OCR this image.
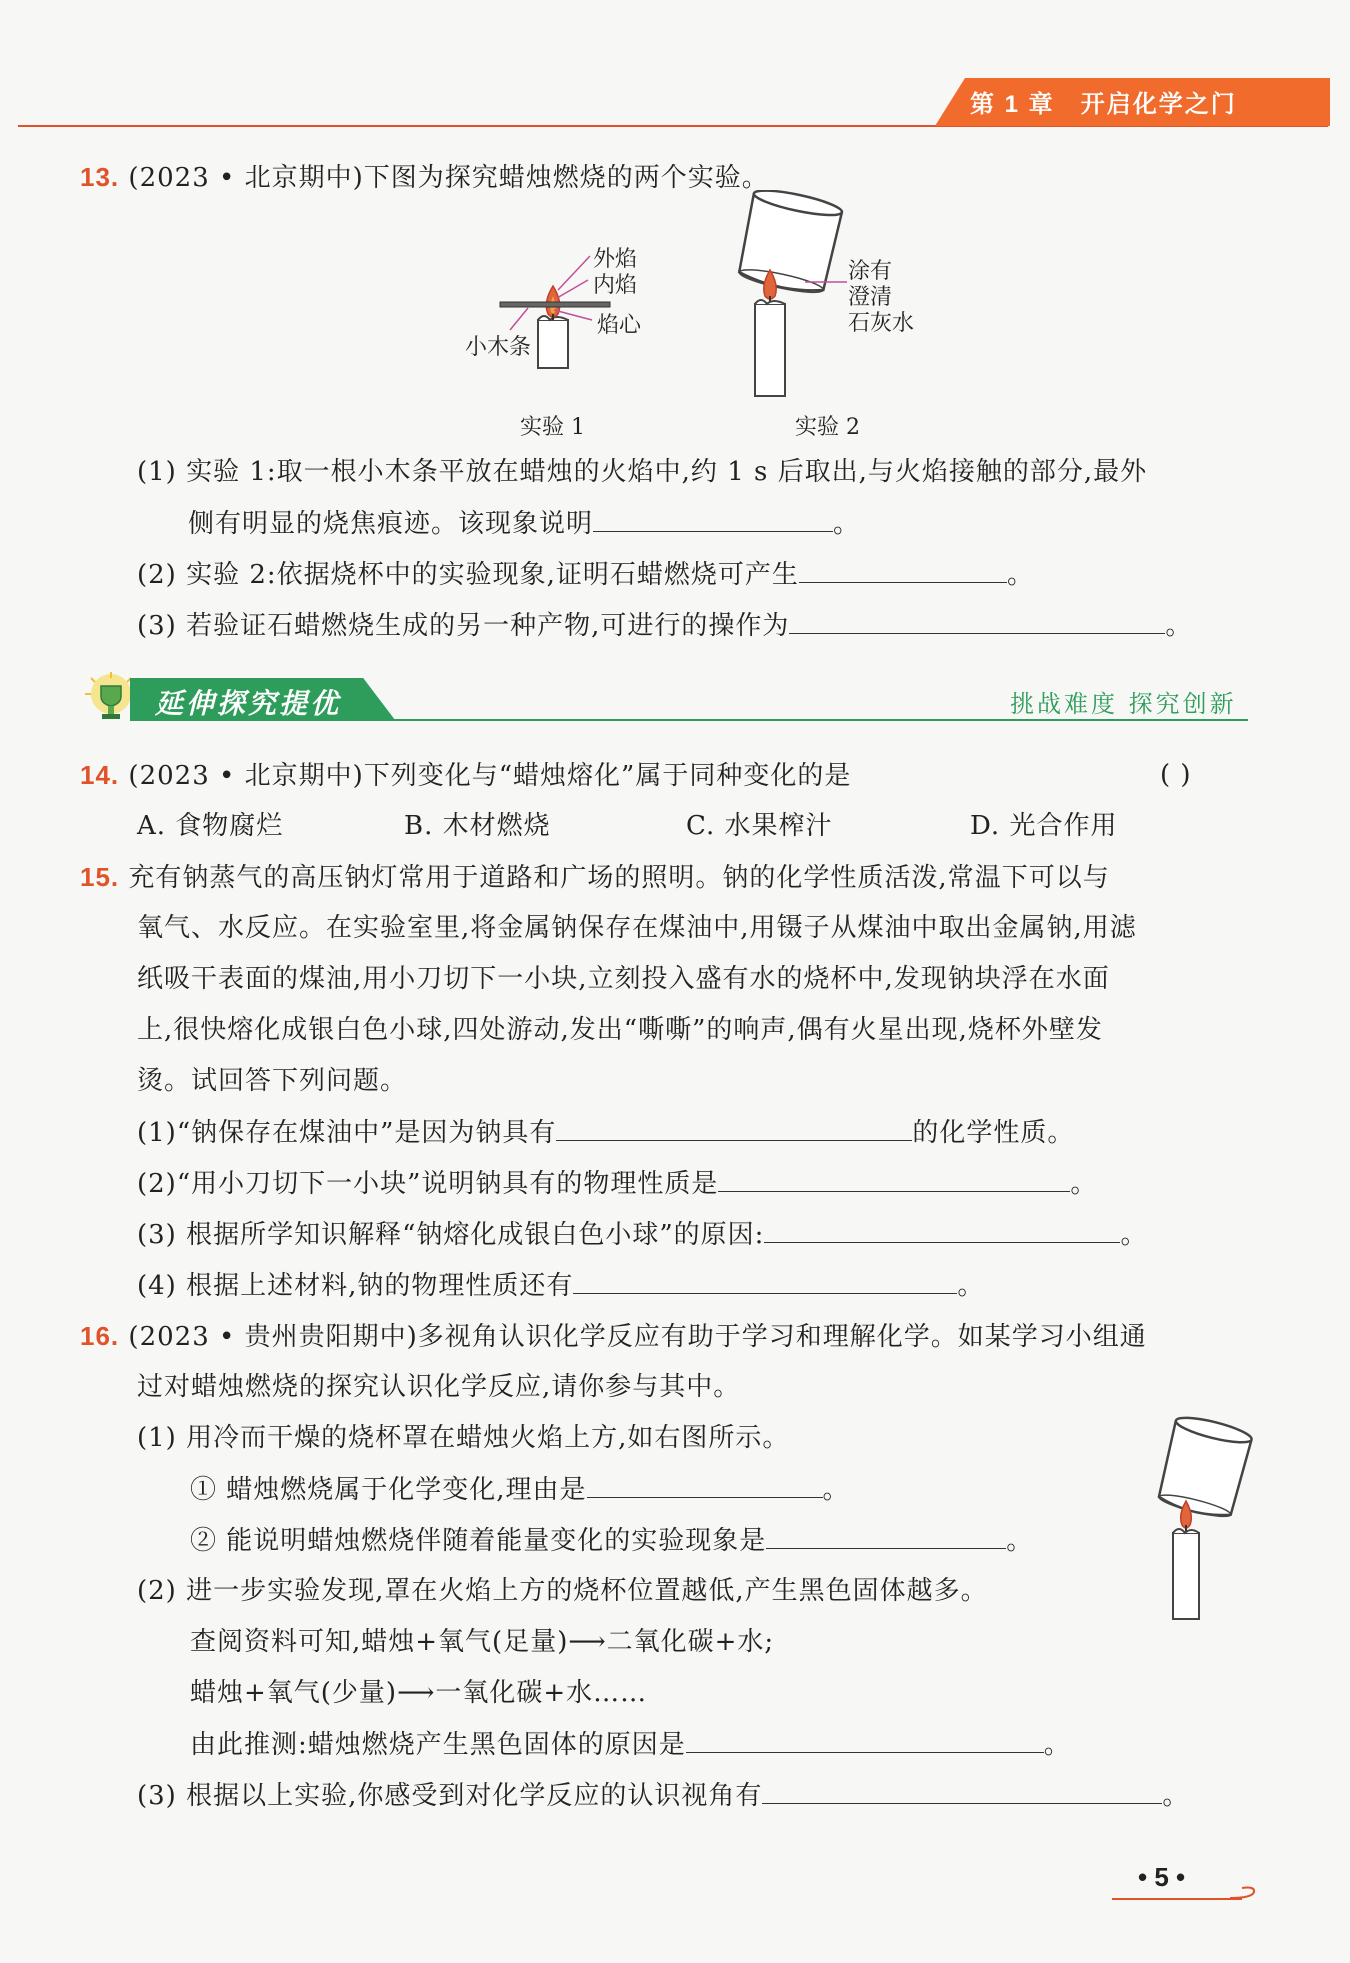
第 1 章 开启化学之门
13. (2023 • 北京期中)下图为探究蜡烛燃烧的两个实验。
外焰
内焰
焰心
小木条
实验 1
涂有
澄清
石灰水
实验 2
(1) 实验 1:取一根小木条平放在蜡烛的火焰中,约 1 s 后取出,与火焰接触的部分,最外
侧有明显的烧焦痕迹。该现象说明	。
(2) 实验 2:依据烧杯中的实验现象,证明石蜡燃烧可产生	。
(3) 若验证石蜡燃烧生成的另一种产物,可进行的操作为	。
延伸探究提优	挑战难度 探究创新
14. (2023 • 北京期中)下列变化与“蜡烛熔化”属于同种变化的是	( )
A. 食物腐烂	B. 木材燃烧	C. 水果榨汁	D. 光合作用
15. 充有钠蒸气的高压钠灯常用于道路和广场的照明。钠的化学性质活泼,常温下可以与
氧气、水反应。在实验室里,将金属钠保存在煤油中,用镊子从煤油中取出金属钠,用滤
纸吸干表面的煤油,用小刀切下一小块,立刻投入盛有水的烧杯中,发现钠块浮在水面
上,很快熔化成银白色小球,四处游动,发出“嘶嘶”的响声,偶有火星出现,烧杯外壁发
烫。试回答下列问题。
(1)“钠保存在煤油中”是因为钠具有	的化学性质。
(2)“用小刀切下一小块”说明钠具有的物理性质是	。
(3) 根据所学知识解释“钠熔化成银白色小球”的原因:	。
(4) 根据上述材料,钠的物理性质还有	。
16. (2023 • 贵州贵阳期中)多视角认识化学反应有助于学习和理解化学。如某学习小组通
过对蜡烛燃烧的探究认识化学反应,请你参与其中。
(1) 用冷而干燥的烧杯罩在蜡烛火焰上方,如右图所示。
① 蜡烛燃烧属于化学变化,理由是	。
② 能说明蜡烛燃烧伴随着能量变化的实验现象是	。
(2) 进一步实验发现,罩在火焰上方的烧杯位置越低,产生黑色固体越多。
查阅资料可知,蜡烛+氧气(足量)⟶二氧化碳+水;
蜡烛+氧气(少量)⟶一氧化碳+水……
由此推测:蜡烛燃烧产生黑色固体的原因是	。
(3) 根据以上实验,你感受到对化学反应的认识视角有	。
• 5 •
